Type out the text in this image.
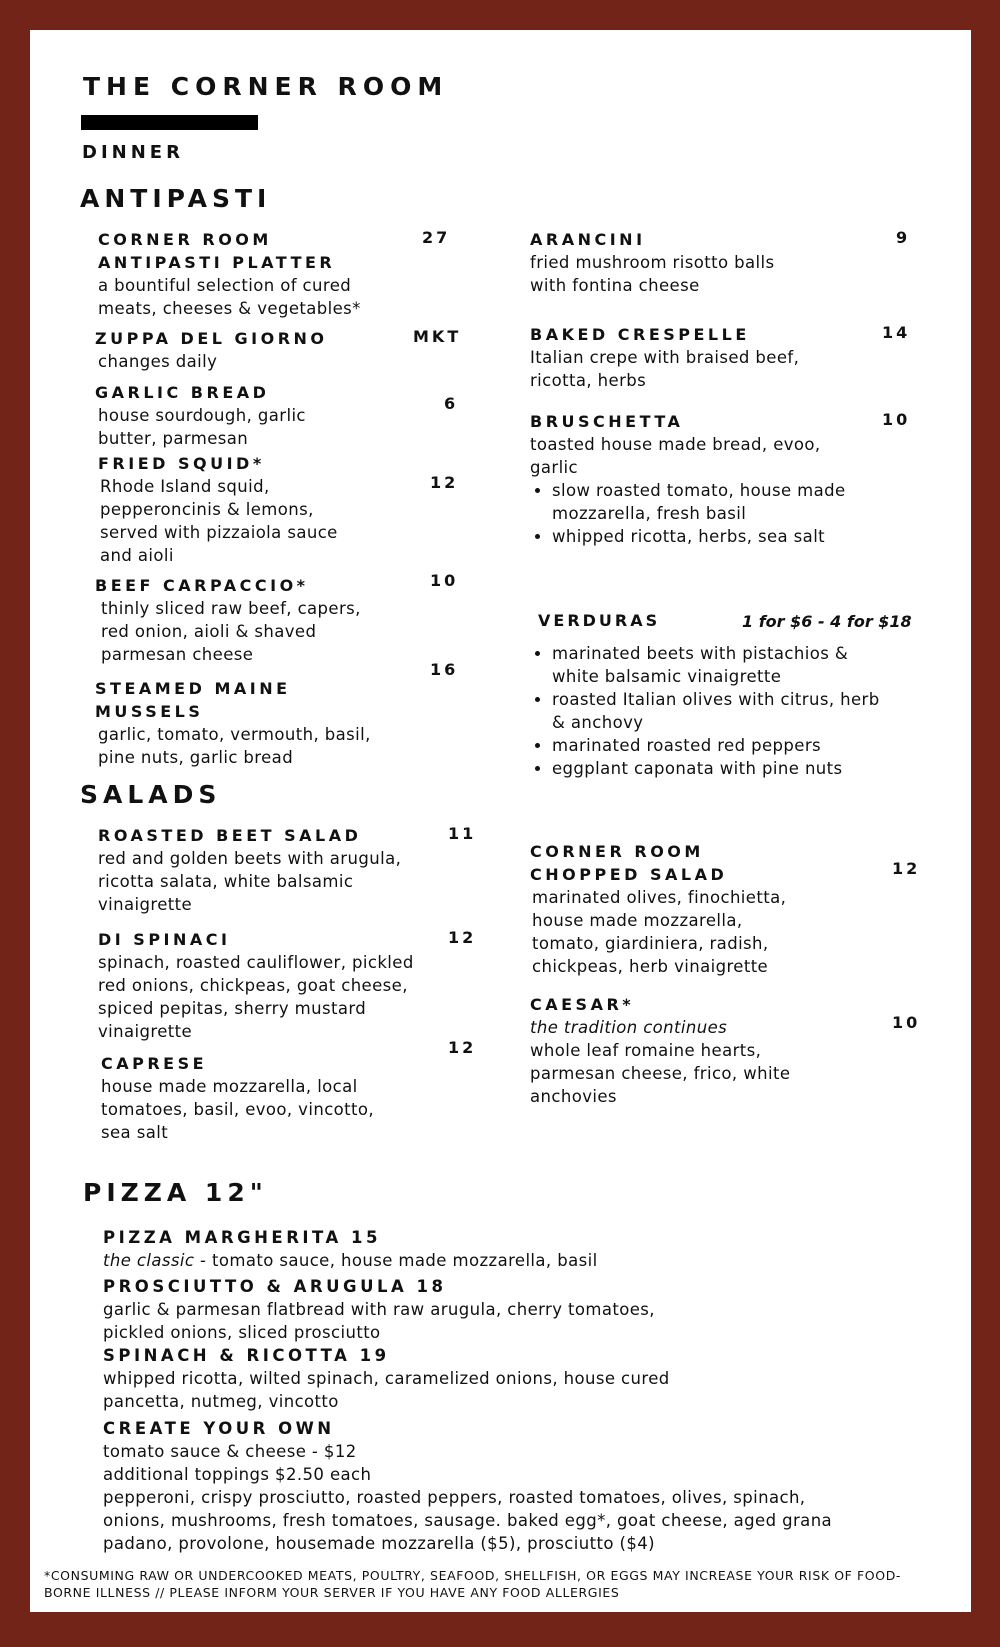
THE CORNER ROOM
DINNER
ANTIPASTI
CORNER ROOM ANTIPASTI PLATTER
a bountiful selection of cured meats, cheeses & vegetables*
27
ZUPPA DEL GIORNO
changes daily
MKT
GARLIC BREAD
house sourdough, garlic butter, parmesan
6
FRIED SQUID*
Rhode Island squid, pepperoncinis & lemons, served with pizzaiola sauce and aioli
12
BEEF CARPACCIO*
thinly sliced raw beef, capers, red onion, aioli & shaved parmesan cheese
10
STEAMED MAINE MUSSELS
garlic, tomato, vermouth, basil, pine nuts, garlic bread
16
ARANCINI
fried mushroom risotto balls with fontina cheese
9
BAKED CRESPELLE
Italian crepe with braised beef, ricotta, herbs
14
BRUSCHETTA
toasted house made bread, evoo, garlic
• slow roasted tomato, house made mozzarella, fresh basil
• whipped ricotta, herbs, sea salt
10
VERDURAS	1 for $6 - 4 for $18
• marinated beets with pistachios & white balsamic vinaigrette
• roasted Italian olives with citrus, herb & anchovy
• marinated roasted red peppers
• eggplant caponata with pine nuts
SALADS
ROASTED BEET SALAD
red and golden beets with arugula, ricotta salata, white balsamic vinaigrette
11
DI SPINACI
spinach, roasted cauliflower, pickled red onions, chickpeas, goat cheese, spiced pepitas, sherry mustard vinaigrette
12
CAPRESE
house made mozzarella, local tomatoes, basil, evoo, vincotto, sea salt
12
CORNER ROOM CHOPPED SALAD
marinated olives, finochietta, house made mozzarella, tomato, giardiniera, radish, chickpeas, herb vinaigrette
12
CAESAR*
the tradition continues
whole leaf romaine hearts, parmesan cheese, frico, white anchovies
10
PIZZA 12"
PIZZA MARGHERITA 15
the classic - tomato sauce, house made mozzarella, basil
PROSCIUTTO & ARUGULA 18
garlic & parmesan flatbread with raw arugula, cherry tomatoes, pickled onions, sliced prosciutto
SPINACH & RICOTTA 19
whipped ricotta, wilted spinach, caramelized onions, house cured pancetta, nutmeg, vincotto
CREATE YOUR OWN
tomato sauce & cheese - $12
additional toppings $2.50 each
pepperoni, crispy prosciutto, roasted peppers, roasted tomatoes, olives, spinach, onions, mushrooms, fresh tomatoes, sausage. baked egg*, goat cheese, aged grana padano, provolone, housemade mozzarella ($5), prosciutto ($4)
*CONSUMING RAW OR UNDERCOOKED MEATS, POULTRY, SEAFOOD, SHELLFISH, OR EGGS MAY INCREASE YOUR RISK OF FOOD-BORNE ILLNESS // PLEASE INFORM YOUR SERVER IF YOU HAVE ANY FOOD ALLERGIES
